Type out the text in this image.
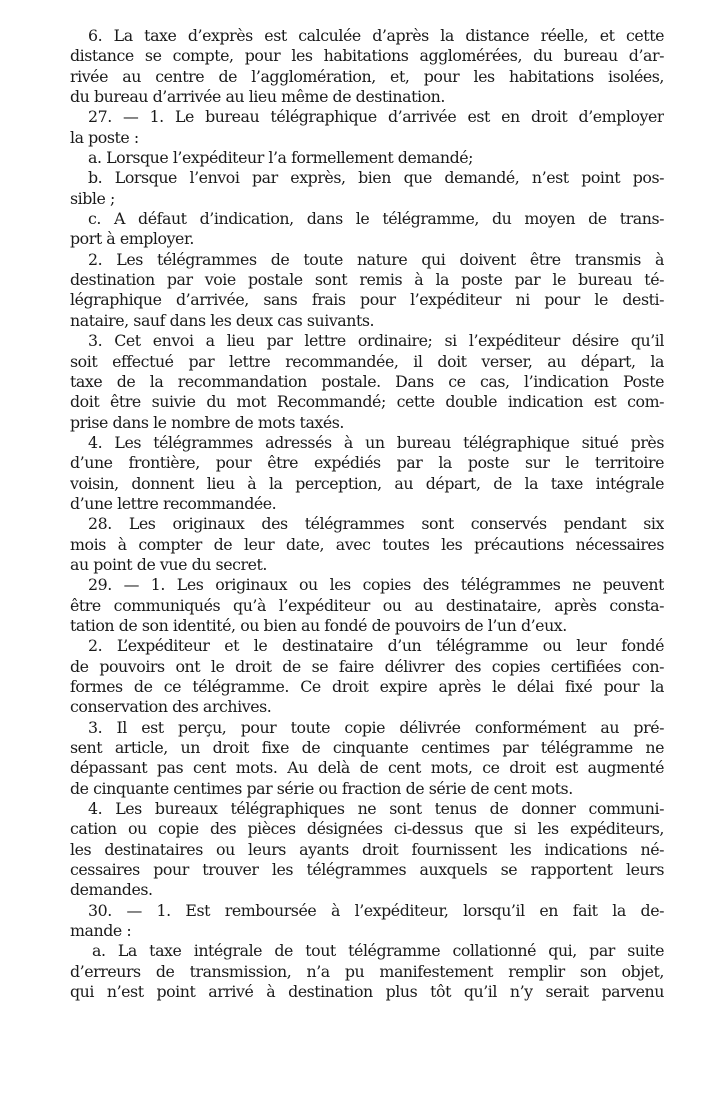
6. La taxe d’exprès est calculée d’après la distance réelle, et cette
distance se compte, pour les habitations agglomérées, du bureau d’ar-
rivée au centre de l’agglomération, et, pour les habitations isolées,
du bureau d’arrivée au lieu même de destination.
27. — 1. Le bureau télégraphique d’arrivée est en droit d’employer
la poste :
a. Lorsque l’expéditeur l’a formellement demandé;
b. Lorsque l’envoi par exprès, bien que demandé, n’est point pos-
sible ;
c. A défaut d’indication, dans le télégramme, du moyen de trans-
port à employer.
2. Les télégrammes de toute nature qui doivent être transmis à
destination par voie postale sont remis à la poste par le bureau té-
légraphique d’arrivée, sans frais pour l’expéditeur ni pour le desti-
nataire, sauf dans les deux cas suivants.
3. Cet envoi a lieu par lettre ordinaire; si l’expéditeur désire qu’il
soit effectué par lettre recommandée, il doit verser, au départ, la
taxe de la recommandation postale. Dans ce cas, l’indication Poste
doit être suivie du mot Recommandé; cette double indication est com-
prise dans le nombre de mots taxés.
4. Les télégrammes adressés à un bureau télégraphique situé près
d’une frontière, pour être expédiés par la poste sur le territoire
voisin, donnent lieu à la perception, au départ, de la taxe intégrale
d’une lettre recommandée.
28. Les originaux des télégrammes sont conservés pendant six
mois à compter de leur date, avec toutes les précautions nécessaires
au point de vue du secret.
29. — 1. Les originaux ou les copies des télégrammes ne peuvent
être communiqués qu’à l’expéditeur ou au destinataire, après consta-
tation de son identité, ou bien au fondé de pouvoirs de l’un d’eux.
2. L’expéditeur et le destinataire d’un télégramme ou leur fondé
de pouvoirs ont le droit de se faire délivrer des copies certifiées con-
formes de ce télégramme. Ce droit expire après le délai fixé pour la
conservation des archives.
3. Il est perçu, pour toute copie délivrée conformément au pré-
sent article, un droit fixe de cinquante centimes par télégramme ne
dépassant pas cent mots. Au delà de cent mots, ce droit est augmenté
de cinquante centimes par série ou fraction de série de cent mots.
4. Les bureaux télégraphiques ne sont tenus de donner communi-
cation ou copie des pièces désignées ci-dessus que si les expéditeurs,
les destinataires ou leurs ayants droit fournissent les indications né-
cessaires pour trouver les télégrammes auxquels se rapportent leurs
demandes.
30. — 1. Est remboursée à l’expéditeur, lorsqu’il en fait la de-
mande :
a. La taxe intégrale de tout télégramme collationné qui, par suite
d’erreurs de transmission, n’a pu manifestement remplir son objet,
qui n’est point arrivé à destination plus tôt qu’il n’y serait parvenu
